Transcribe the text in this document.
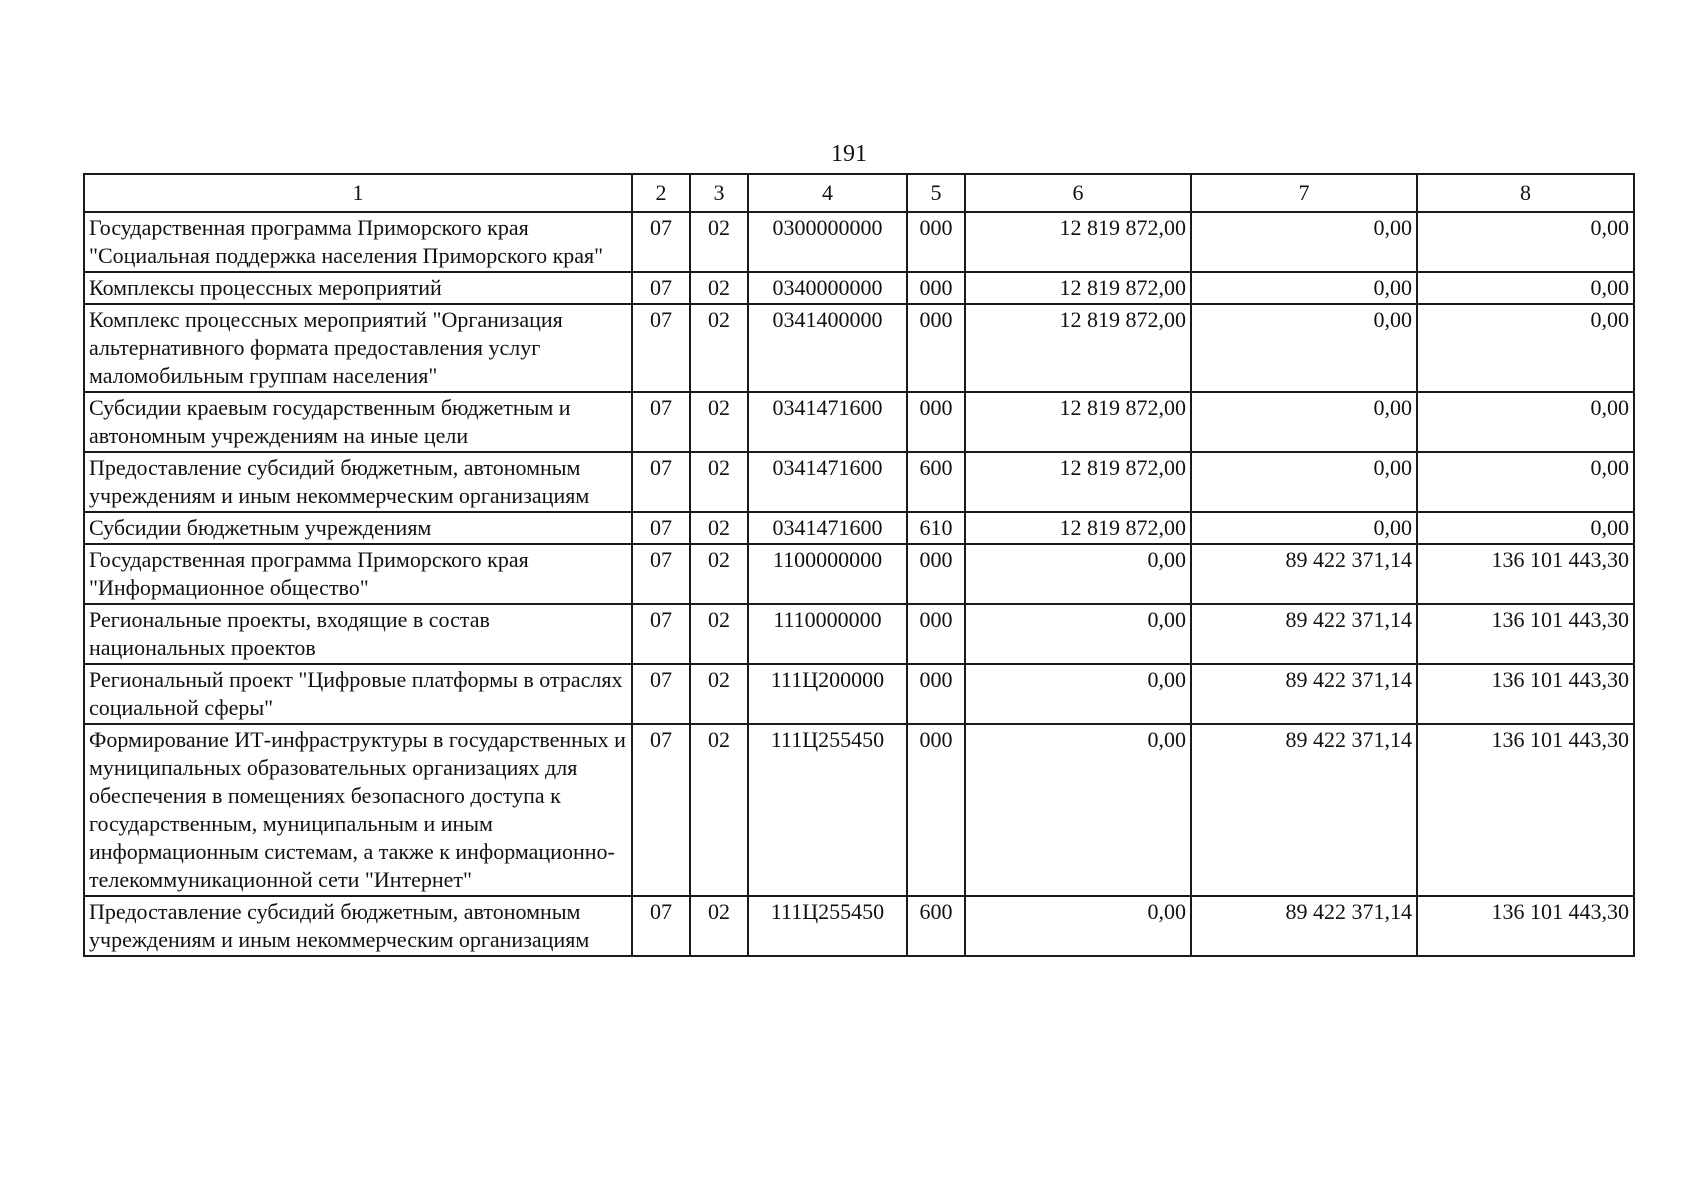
191
1	2	3	4	5	6	7	8
Государственная программа Приморского края "Социальная поддержка населения Приморского края"	07	02	0300000000	000	12 819 872,00	0,00	0,00
Комплексы процессных мероприятий	07	02	0340000000	000	12 819 872,00	0,00	0,00
Комплекс процессных мероприятий "Организация альтернативного формата предоставления услуг маломобильным группам населения"	07	02	0341400000	000	12 819 872,00	0,00	0,00
Субсидии краевым государственным бюджетным и автономным учреждениям на иные цели	07	02	0341471600	000	12 819 872,00	0,00	0,00
Предоставление субсидий бюджетным, автономным учреждениям и иным некоммерческим организациям	07	02	0341471600	600	12 819 872,00	0,00	0,00
Субсидии бюджетным учреждениям	07	02	0341471600	610	12 819 872,00	0,00	0,00
Государственная программа Приморского края "Информационное общество"	07	02	1100000000	000	0,00	89 422 371,14	136 101 443,30
Региональные проекты, входящие в состав национальных проектов	07	02	1110000000	000	0,00	89 422 371,14	136 101 443,30
Региональный проект "Цифровые платформы в отраслях социальной сферы"	07	02	111Ц200000	000	0,00	89 422 371,14	136 101 443,30
Формирование ИТ-инфраструктуры в государственных и муниципальных образовательных организациях для обеспечения в помещениях безопасного доступа к государственным, муниципальным и иным информационным системам, а также к информационно-телекоммуникационной сети "Интернет"	07	02	111Ц255450	000	0,00	89 422 371,14	136 101 443,30
Предоставление субсидий бюджетным, автономным учреждениям и иным некоммерческим организациям	07	02	111Ц255450	600	0,00	89 422 371,14	136 101 443,30
